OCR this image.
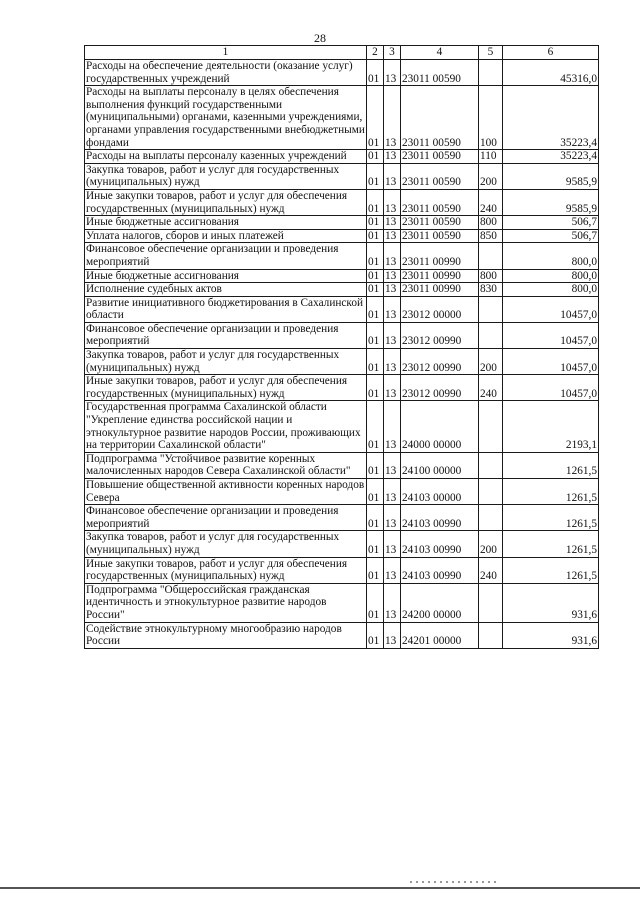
28
1	2	3	4	5	6
Расходы на обеспечение деятельности (оказание услуг) государственных учреждений	01	13	23011 00590		45316,0
Расходы на выплаты персоналу в целях обеспечения выполнения функций государственными (муниципальными) органами, казенными учреждениями, органами управления государственными внебюджетными фондами	01	13	23011 00590	100	35223,4
Расходы на выплаты персоналу казенных учреждений	01	13	23011 00590	110	35223,4
Закупка товаров, работ и услуг для государственных (муниципальных) нужд	01	13	23011 00590	200	9585,9
Иные закупки товаров, работ и услуг для обеспечения государственных (муниципальных) нужд	01	13	23011 00590	240	9585,9
Иные бюджетные ассигнования	01	13	23011 00590	800	506,7
Уплата налогов, сборов и иных платежей	01	13	23011 00590	850	506,7
Финансовое обеспечение организации и проведения мероприятий	01	13	23011 00990		800,0
Иные бюджетные ассигнования	01	13	23011 00990	800	800,0
Исполнение судебных актов	01	13	23011 00990	830	800,0
Развитие инициативного бюджетирования в Сахалинской области	01	13	23012 00000		10457,0
Финансовое обеспечение организации и проведения мероприятий	01	13	23012 00990		10457,0
Закупка товаров, работ и услуг для государственных (муниципальных) нужд	01	13	23012 00990	200	10457,0
Иные закупки товаров, работ и услуг для обеспечения государственных (муниципальных) нужд	01	13	23012 00990	240	10457,0
Государственная программа Сахалинской области "Укрепление единства российской нации и этнокультурное развитие народов России, проживающих на территории Сахалинской области"	01	13	24000 00000		2193,1
Подпрограмма "Устойчивое развитие коренных малочисленных народов Севера Сахалинской области"	01	13	24100 00000		1261,5
Повышение общественной активности коренных народов Севера	01	13	24103 00000		1261,5
Финансовое обеспечение организации и проведения мероприятий	01	13	24103 00990		1261,5
Закупка товаров, работ и услуг для государственных (муниципальных) нужд	01	13	24103 00990	200	1261,5
Иные закупки товаров, работ и услуг для обеспечения государственных (муниципальных) нужд	01	13	24103 00990	240	1261,5
Подпрограмма "Общероссийская гражданская идентичность и этнокультурное развитие народов России"	01	13	24200 00000		931,6
Содействие этнокультурному многообразию народов России	01	13	24201 00000		931,6
